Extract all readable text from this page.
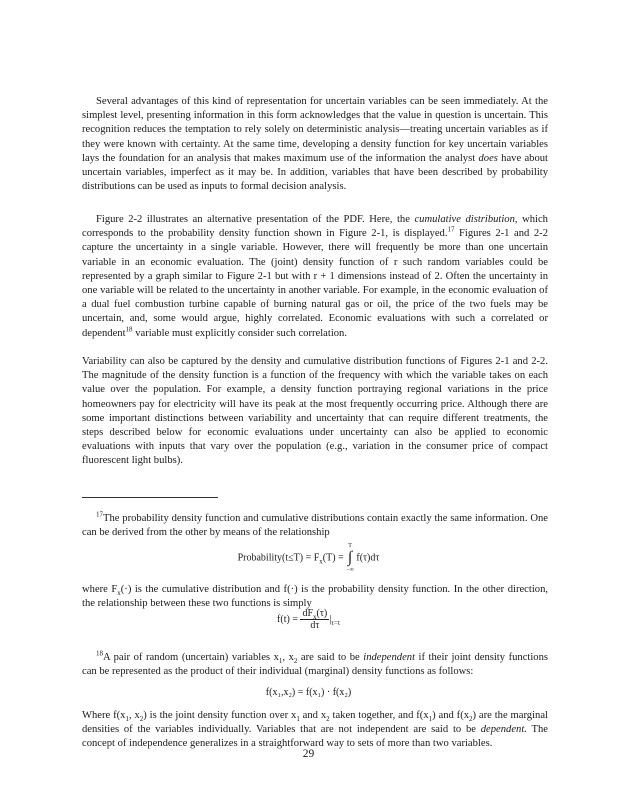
Several advantages of this kind of representation for uncertain variables can be seen immediately. At the simplest level, presenting information in this form acknowledges that the value in question is uncertain. This recognition reduces the temptation to rely solely on deterministic analysis—treating uncertain variables as if they were known with certainty. At the same time, developing a density function for key uncertain variables lays the foundation for an analysis that makes maximum use of the information the analyst does have about uncertain variables, imperfect as it may be. In addition, variables that have been described by probability distributions can be used as inputs to formal decision analysis.
Figure 2-2 illustrates an alternative presentation of the PDF. Here, the cumulative distribution, which corresponds to the probability density function shown in Figure 2-1, is displayed.$^{17}$ Figures 2-1 and 2-2 capture the uncertainty in a single variable. However, there will frequently be more than one uncertain variable in an economic evaluation. The (joint) density function of r such random variables could be represented by a graph similar to Figure 2-1 but with r + 1 dimensions instead of 2. Often the uncertainty in one variable will be related to the uncertainty in another variable. For example, in the economic evaluation of a dual fuel combustion turbine capable of burning natural gas or oil, the price of the two fuels may be uncertain, and, some would argue, highly correlated. Economic evaluations with such a correlated or dependent$^{18}$ variable must explicitly consider such correlation.
Variability can also be captured by the density and cumulative distribution functions of Figures 2-1 and 2-2. The magnitude of the density function is a function of the frequency with which the variable takes on each value over the population. For example, a density function portraying regional variations in the price homeowners pay for electricity will have its peak at the most frequently occurring price. Although there are some important distinctions between variability and uncertainty that can require different treatments, the steps described below for economic evaluations under uncertainty can also be applied to economic evaluations with inputs that vary over the population (e.g., variation in the consumer price of compact fluorescent light bulbs).
$^{17}$The probability density function and cumulative distributions contain exactly the same information. One can be derived from the other by means of the relationship
Probability(t≤T) = $F_x(T)$ =
T
∫
−∞
f(τ)dτ
where $F_x(\cdot)$ is the cumulative distribution and f(·) is the probability density function. In the other direction, the relationship between these two functions is simply
$f(t) = \frac{dF_x(\tau)}{d\tau} |_{\tau=t}$
$^{18}$A pair of random (uncertain) variables $x_1$, $x_2$ are said to be independent if their joint density functions can be represented as the product of their individual (marginal) density functions as follows:
f(x₁,x₂) = f(x₁) · f(x₂)
Where $f(x_1$, $x_2$) is the joint density function over $x_1$ and $x_2$ taken together, and $f(x_1)$ and $f(x_2)$ are the marginal densities of the variables individually. Variables that are not independent are said to be dependent. The concept of independence generalizes in a straightforward way to sets of more than two variables.
29
